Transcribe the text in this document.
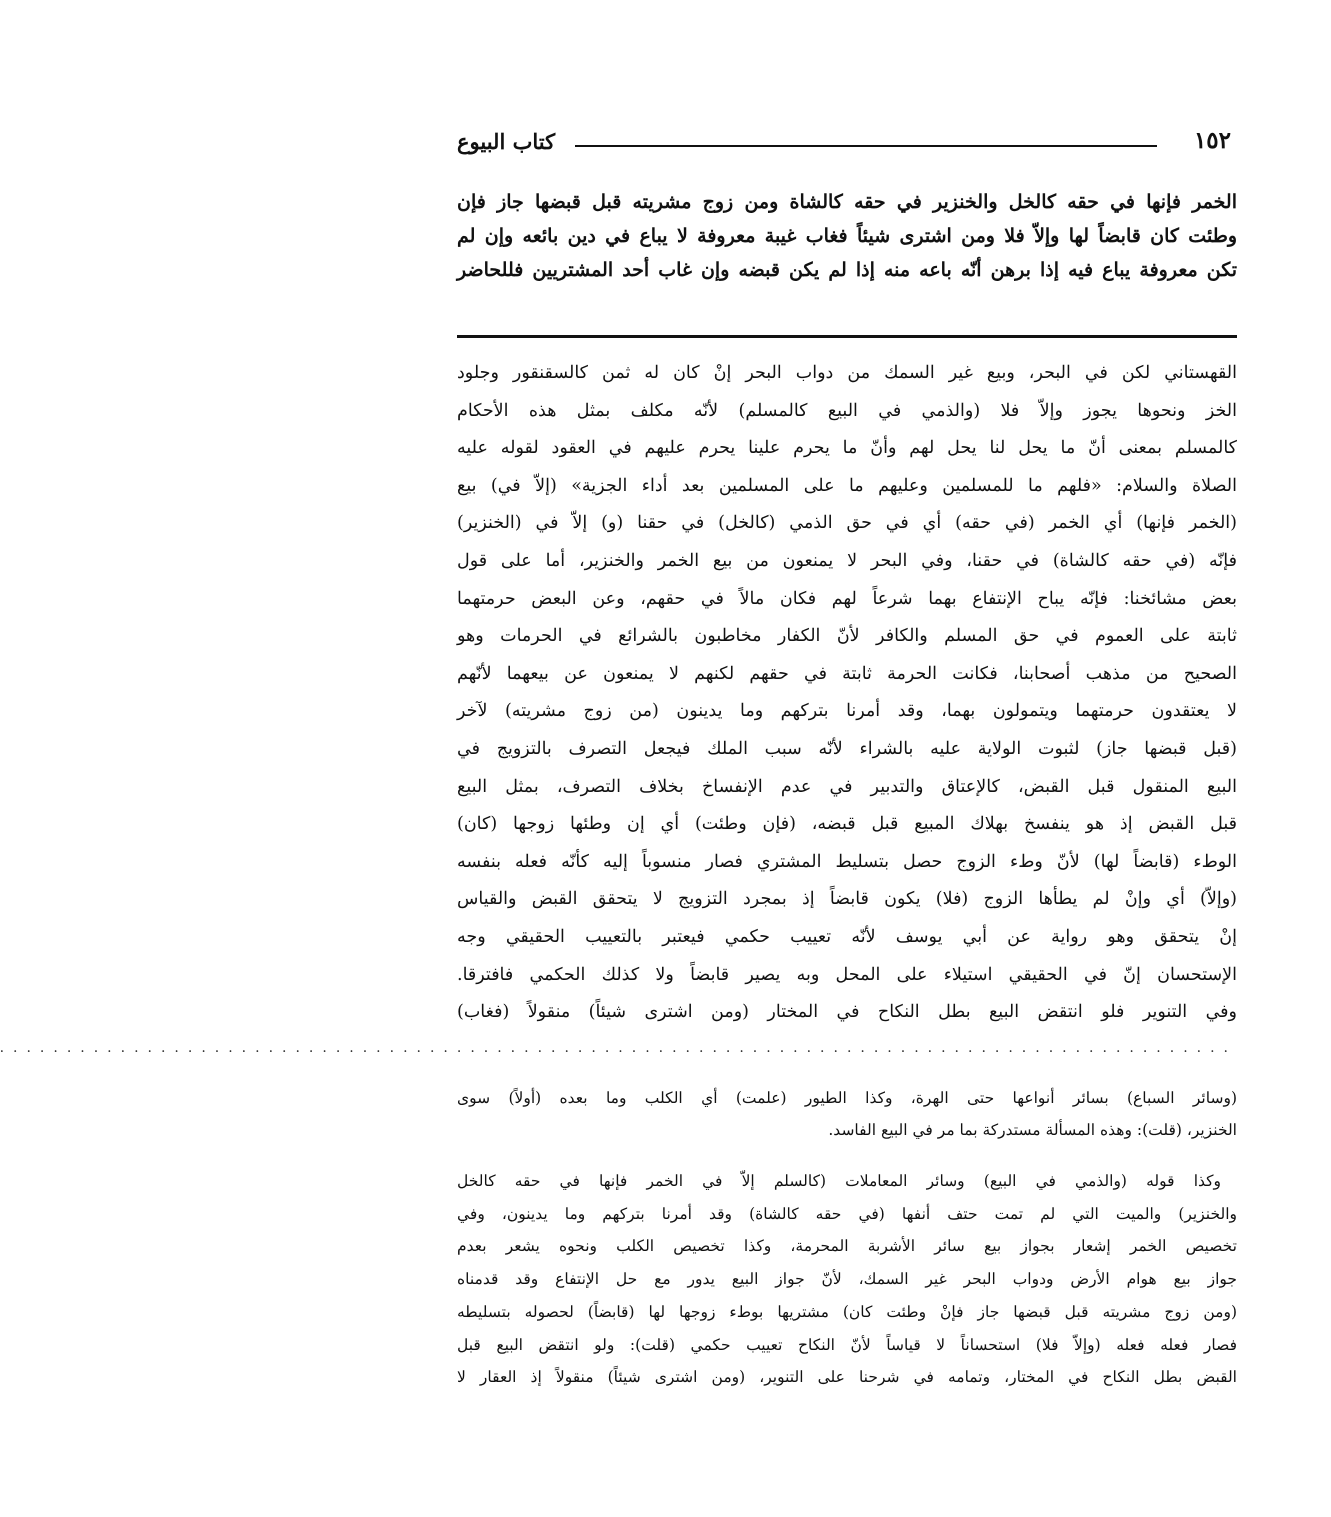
كتاب البيوع	١٥٢
الخمر فإنها في حقه كالخل والخنزير في حقه كالشاة ومن زوج مشريته قبل قبضها جاز فإن
وطئت كان قابضاً لها وإلاّ فلا ومن اشترى شيئاً فغاب غيبة معروفة لا يباع في دين بائعه وإن لم
تكن معروفة يباع فيه إذا برهن أنّه باعه منه إذا لم يكن قبضه وإن غاب أحد المشتريين فللحاضر
القهستاني لكن في البحر، وبيع غير السمك من دواب البحر إنْ كان له ثمن كالسقنقور وجلود
الخز ونحوها يجوز وإلاّ فلا (والذمي في البيع كالمسلم) لأنّه مكلف بمثل هذه الأحكام
كالمسلم بمعنى أنّ ما يحل لنا يحل لهم وأنّ ما يحرم علينا يحرم عليهم في العقود لقوله عليه
الصلاة والسلام: «فلهم ما للمسلمين وعليهم ما على المسلمين بعد أداء الجزية» (إلاّ في) بيع
(الخمر فإنها) أي الخمر (في حقه) أي في حق الذمي (كالخل) في حقنا (و) إلاّ في (الخنزير)
فإنّه (في حقه كالشاة) في حقنا، وفي البحر لا يمنعون من بيع الخمر والخنزير، أما على قول
بعض مشائخنا: فإنّه يباح الإنتفاع بهما شرعاً لهم فكان مالاً في حقهم، وعن البعض حرمتهما
ثابتة على العموم في حق المسلم والكافر لأنّ الكفار مخاطبون بالشرائع في الحرمات وهو
الصحيح من مذهب أصحابنا، فكانت الحرمة ثابتة في حقهم لكنهم لا يمنعون عن بيعهما لأنّهم
لا يعتقدون حرمتهما ويتمولون بهما، وقد أمرنا بتركهم وما يدينون (من زوج مشريته) لآخر
(قبل قبضها جاز) لثبوت الولاية عليه بالشراء لأنّه سبب الملك فيجعل التصرف بالتزويج في
البيع المنقول قبل القبض، كالإعتاق والتدبير في عدم الإنفساخ بخلاف التصرف، بمثل البيع
قبل القبض إذ هو ينفسخ بهلاك المبيع قبل قبضه، (فإن وطئت) أي إن وطئها زوجها (كان)
الوطء (قابضاً لها) لأنّ وطء الزوج حصل بتسليط المشتري فصار منسوباً إليه كأنّه فعله بنفسه
(وإلاّ) أي وإنْ لم يطأها الزوج (فلا) يكون قابضاً إذ بمجرد التزويج لا يتحقق القبض والقياس
إنْ يتحقق وهو رواية عن أبي يوسف لأنّه تعييب حكمي فيعتبر بالتعييب الحقيقي وجه
الإستحسان إنّ في الحقيقي استيلاء على المحل وبه يصير قابضاً ولا كذلك الحكمي فافترقا.
وفي التنوير فلو انتقض البيع بطل النكاح في المختار (ومن اشترى شيئاً) منقولاً (فغاب)
............................................................................................
(وسائر السباع) بسائر أنواعها حتى الهرة، وكذا الطيور (علمت) أي الكلب وما بعده (أولاً) سوى
الخنزير، (قلت): وهذه المسألة مستدركة بما مر في البيع الفاسد.
وكذا قوله (والذمي في البيع) وسائر المعاملات (كالسلم إلاّ في الخمر فإنها في حقه كالخل
والخنزير) والميت التي لم تمت حتف أنفها (في حقه كالشاة) وقد أمرنا بتركهم وما يدينون، وفي
تخصيص الخمر إشعار بجواز بيع سائر الأشربة المحرمة، وكذا تخصيص الكلب ونحوه يشعر بعدم
جواز بيع هوام الأرض ودواب البحر غير السمك، لأنّ جواز البيع يدور مع حل الإنتفاع وقد قدمناه
(ومن زوج مشريته قبل قبضها جاز فإنْ وطئت كان) مشتريها بوطء زوجها لها (قابضاً) لحصوله بتسليطه
فصار فعله فعله (وإلاّ فلا) استحساناً لا قياساً لأنّ النكاح تعييب حكمي (قلت): ولو انتقض البيع قبل
القبض بطل النكاح في المختار، وتمامه في شرحنا على التنوير، (ومن اشترى شيئاً) منقولاً إذ العقار لا
